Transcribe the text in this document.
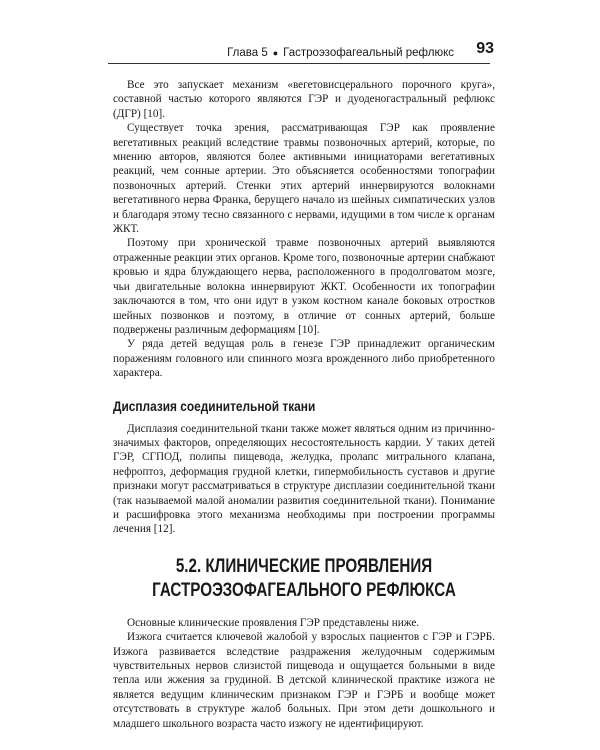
Глава 5 ● Гастроэзофагеальный рефлюкс	93

Все это запускает механизм «вегетовисцерального порочного круга», составной частью которого являются ГЭР и дуоденогастральный рефлюкс (ДГР) [10].

Существует точка зрения, рассматривающая ГЭР как проявление вегетативных реакций вследствие травмы позвоночных артерий, которые, по мнению авторов, являются более активными инициаторами вегетативных реакций, чем сонные артерии. Это объясняется особенностями топографии позвоночных артерий. Стенки этих артерий иннервируются волокнами вегетативного нерва Франка, берущего начало из шейных симпатических узлов и благодаря этому тесно связанного с нервами, идущими в том числе к органам ЖКТ.

Поэтому при хронической травме позвоночных артерий выявляются отраженные реакции этих органов. Кроме того, позвоночные артерии снабжают кровью и ядра блуждающего нерва, расположенного в продолговатом мозге, чьи двигательные волокна иннервируют ЖКТ. Особенности их топографии заключаются в том, что они идут в узком костном канале боковых отростков шейных позвонков и поэтому, в отличие от сонных артерий, больше подвержены различным деформациям [10].

У ряда детей ведущая роль в генезе ГЭР принадлежит органическим поражениям головного или спинного мозга врожденного либо приобретенного характера.

Дисплазия соединительной ткани

Дисплазия соединительной ткани также может являться одним из причинно-значимых факторов, определяющих несостоятельность кардии. У таких детей ГЭР, СГПОД, полипы пищевода, желудка, пролапс митрального клапана, нефроптоз, деформация грудной клетки, гипермобильность суставов и другие признаки могут рассматриваться в структуре дисплазии соединительной ткани (так называемой малой аномалии развития соединительной ткани). Понимание и расшифровка этого механизма необходимы при построении программы лечения [12].

5.2. КЛИНИЧЕСКИЕ ПРОЯВЛЕНИЯ
ГАСТРОЭЗОФАГЕАЛЬНОГО РЕФЛЮКСА

Основные клинические проявления ГЭР представлены ниже.

Изжога считается ключевой жалобой у взрослых пациентов с ГЭР и ГЭРБ. Изжога развивается вследствие раздражения желудочным содержимым чувствительных нервов слизистой пищевода и ощущается больными в виде тепла или жжения за грудиной. В детской клинической практике изжога не является ведущим клиническим признаком ГЭР и ГЭРБ и вообще может отсутствовать в структуре жалоб больных. При этом дети дошкольного и младшего школьного возраста часто изжогу не идентифицируют.
